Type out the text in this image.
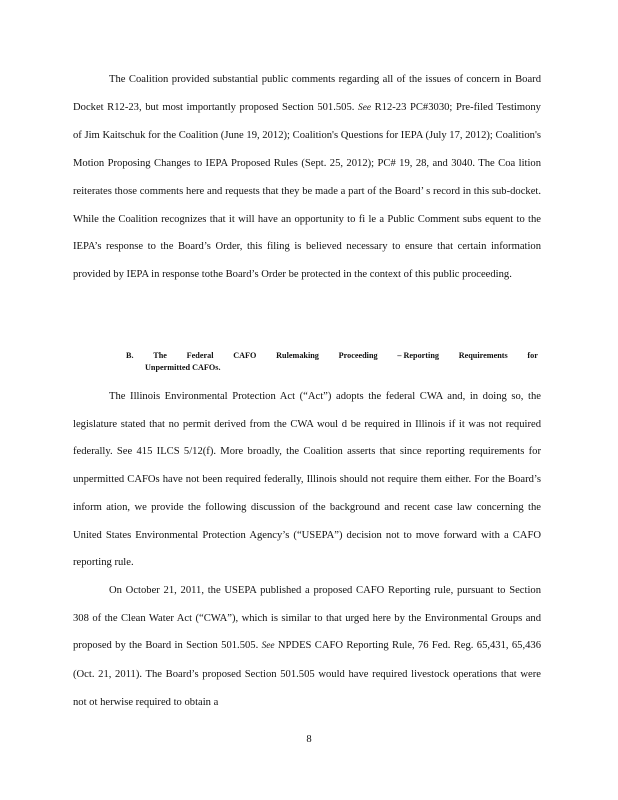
The Coalition provided substantial public comments regarding all of the issues of concern in Board Docket R12-23, but most importantly proposed Section 501.505. See R12-23 PC#3030; Pre-filed Testimony of Jim Kaitschuk for the Coalition (June 19, 2012); Coalition's Questions for IEPA (July 17, 2012); Coalition's Motion Proposing Changes to IEPA Proposed Rules (Sept. 25, 2012); PC# 19, 28, and 3040. The Coa lition reiterates those comments here and requests that they be made a part of the Board’ s record in this sub-docket. While the Coalition recognizes that it will have an opportunity to fi le a Public Comment subs equent to the IEPA’s response to the Board’s Order, this filing is believed necessary to ensure that certain information provided by IEPA in response tothe Board’s Order be protected in the context of this public proceeding.

B. The Federal CAFO Rulemaking Proceeding – Reporting Requirements for
Unpermitted CAFOs.

The Illinois Environmental Protection Act (“Act”) adopts the federal CWA and, in doing so, the legislature stated that no permit derived from the CWA woul d be required in Illinois if it was not required federally. See 415 ILCS 5/12(f). More broadly, the Coalition asserts that since reporting requirements for unpermitted CAFOs have not been required federally, Illinois should not require them either. For the Board’s inform ation, we provide the following discussion of the background and recent case law concerning the United States Environmental Protection Agency’s (“USEPA”) decision not to move forward with a CAFO reporting rule.

On October 21, 2011, the USEPA published a proposed CAFO Reporting rule, pursuant to Section 308 of the Clean Water Act (“CWA”), which is similar to that urged here by the Environmental Groups and proposed by the Board in Section 501.505. See NPDES CAFO Reporting Rule, 76 Fed. Reg. 65,431, 65,436 (Oct. 21, 2011). The Board’s proposed Section 501.505 would have required livestock operations that were not ot herwise required to obtain a

8
